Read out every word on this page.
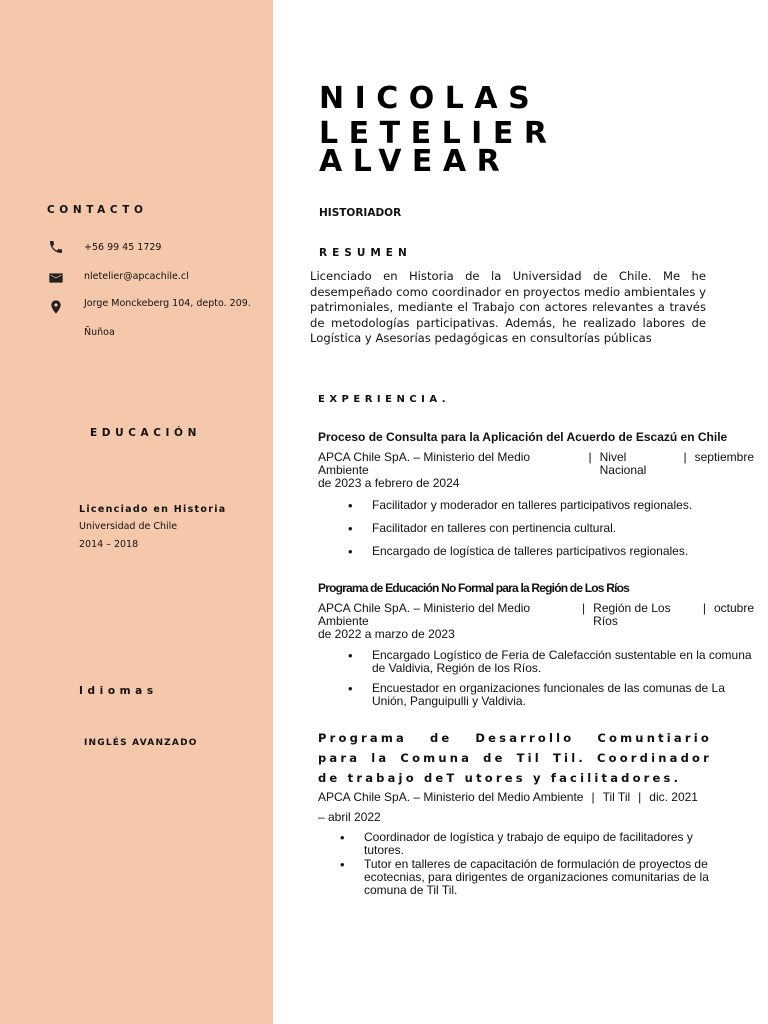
CONTACTO
+56 99 45 1729
nletelier@apcachile.cl
Jorge Monckeberg 104, depto. 209.
Ñuñoa
EDUCACIÓN
Licenciado en Historia
Universidad de Chile
2014 – 2018
Idiomas
INGLÉS AVANZADO
NICOLAS LETELIER
ALVEAR
HISTORIADOR
RESUMEN
Licenciado en Historia de la Universidad de Chile. Me he desempeñado como coordinador en proyectos medio ambientales y patrimoniales, mediante el Trabajo con actores relevantes a través de metodologías participativas. Además, he realizado labores de Logística y Asesorías pedagógicas en consultorías públicas
EXPERIENCIA.
Proceso de Consulta para la Aplicación del Acuerdo de Escazú en Chile
APCA Chile SpA. – Ministerio del Medio Ambiente
| Nivel Nacional
| septiembre
de 2023 a febrero de 2024
• Facilitador y moderador en talleres participativos regionales.
• Facilitador en talleres con pertinencia cultural.
• Encargado de logística de talleres participativos regionales.
Programa de Educación No Formal para la Región de Los Ríos
APCA Chile SpA. – Ministerio del Medio Ambiente
| Región de Los Ríos
| octubre
de 2022 a marzo de 2023
• Encargado Logístico de Feria de Calefacción sustentable en la comuna de Valdivia, Región de los Ríos.
• Encuestador en organizaciones funcionales de las comunas de La Unión, Panguipulli y Valdivia.
Programa de Desarrollo Comuntiario para la Comuna de Til Til. Coordinador de trabajo deT utores y facilitadores.
APCA Chile SpA. – Ministerio del Medio Ambiente | Til Til | dic. 2021
– abril 2022
• Coordinador de logística y trabajo de equipo de facilitadores y tutores.
• Tutor en talleres de capacitación de formulación de proyectos de ecotecnias, para dirigentes de organizaciones comunitarias de la comuna de Til Til.
